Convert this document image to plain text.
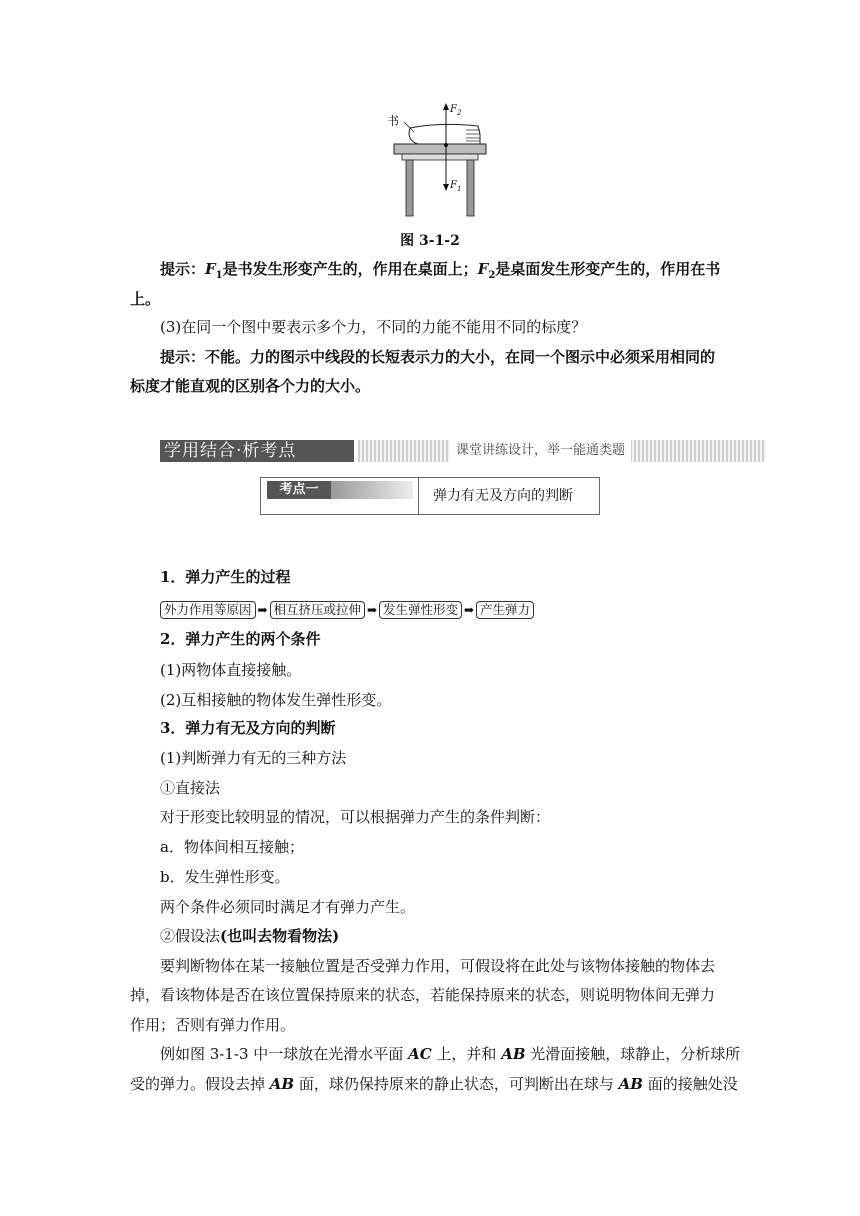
书
$F_2$
$F_1$
图 3-1-2
提示：$F_1$是书发生形变产生的，作用在桌面上；$F_2$是桌面发生形变产生的，作用在书
上。
(3)在同一个图中要表示多个力，不同的力能不能用不同的标度？
提示：不能。力的图示中线段的长短表示力的大小，在同一个图示中必须采用相同的
标度才能直观的区别各个力的大小。
学用结合·析考点	课堂讲练设计，举一能通类题
考点一	弹力有无及方向的判断
1．弹力产生的过程
外力作用等原因 ➡ 相互挤压或拉伸 ➡ 发生弹性形变 ➡ 产生弹力
2．弹力产生的两个条件
(1)两物体直接接触。
(2)互相接触的物体发生弹性形变。
3．弹力有无及方向的判断
(1)判断弹力有无的三种方法
①直接法
对于形变比较明显的情况，可以根据弹力产生的条件判断：
a．物体间相互接触；
b．发生弹性形变。
两个条件必须同时满足才有弹力产生。
②假设法(也叫去物看物法)
要判断物体在某一接触位置是否受弹力作用，可假设将在此处与该物体接触的物体去
掉，看该物体是否在该位置保持原来的状态，若能保持原来的状态，则说明物体间无弹力
作用；否则有弹力作用。
例如图 3-1-3 中一球放在光滑水平面 AC 上，并和 AB 光滑面接触，球静止，分析球所
受的弹力。假设去掉 AB 面，球仍保持原来的静止状态，可判断出在球与 AB 面的接触处没
